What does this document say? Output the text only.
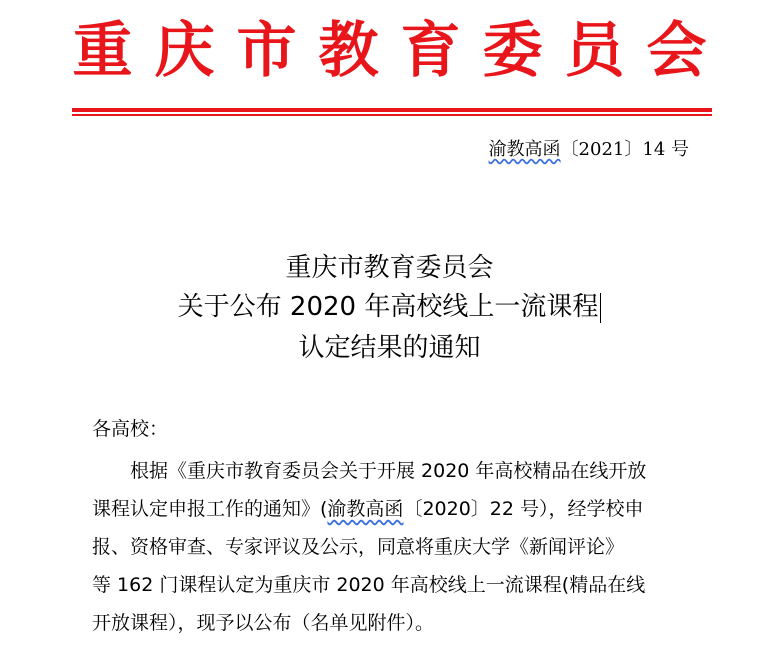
重庆市教育委员会
渝教高函〔2021〕14 号
重庆市教育委员会
关于公布 2020 年高校线上一流课程
认定结果的通知
各高校：
根据《重庆市教育委员会关于开展 2020 年高校精品在线开放
课程认定申报工作的通知》(渝教高函〔2020〕22 号），经学校申
报、资格审查、专家评议及公示，同意将重庆大学《新闻评论》
等 162 门课程认定为重庆市 2020 年高校线上一流课程(精品在线
开放课程），现予以公布（名单见附件）。
